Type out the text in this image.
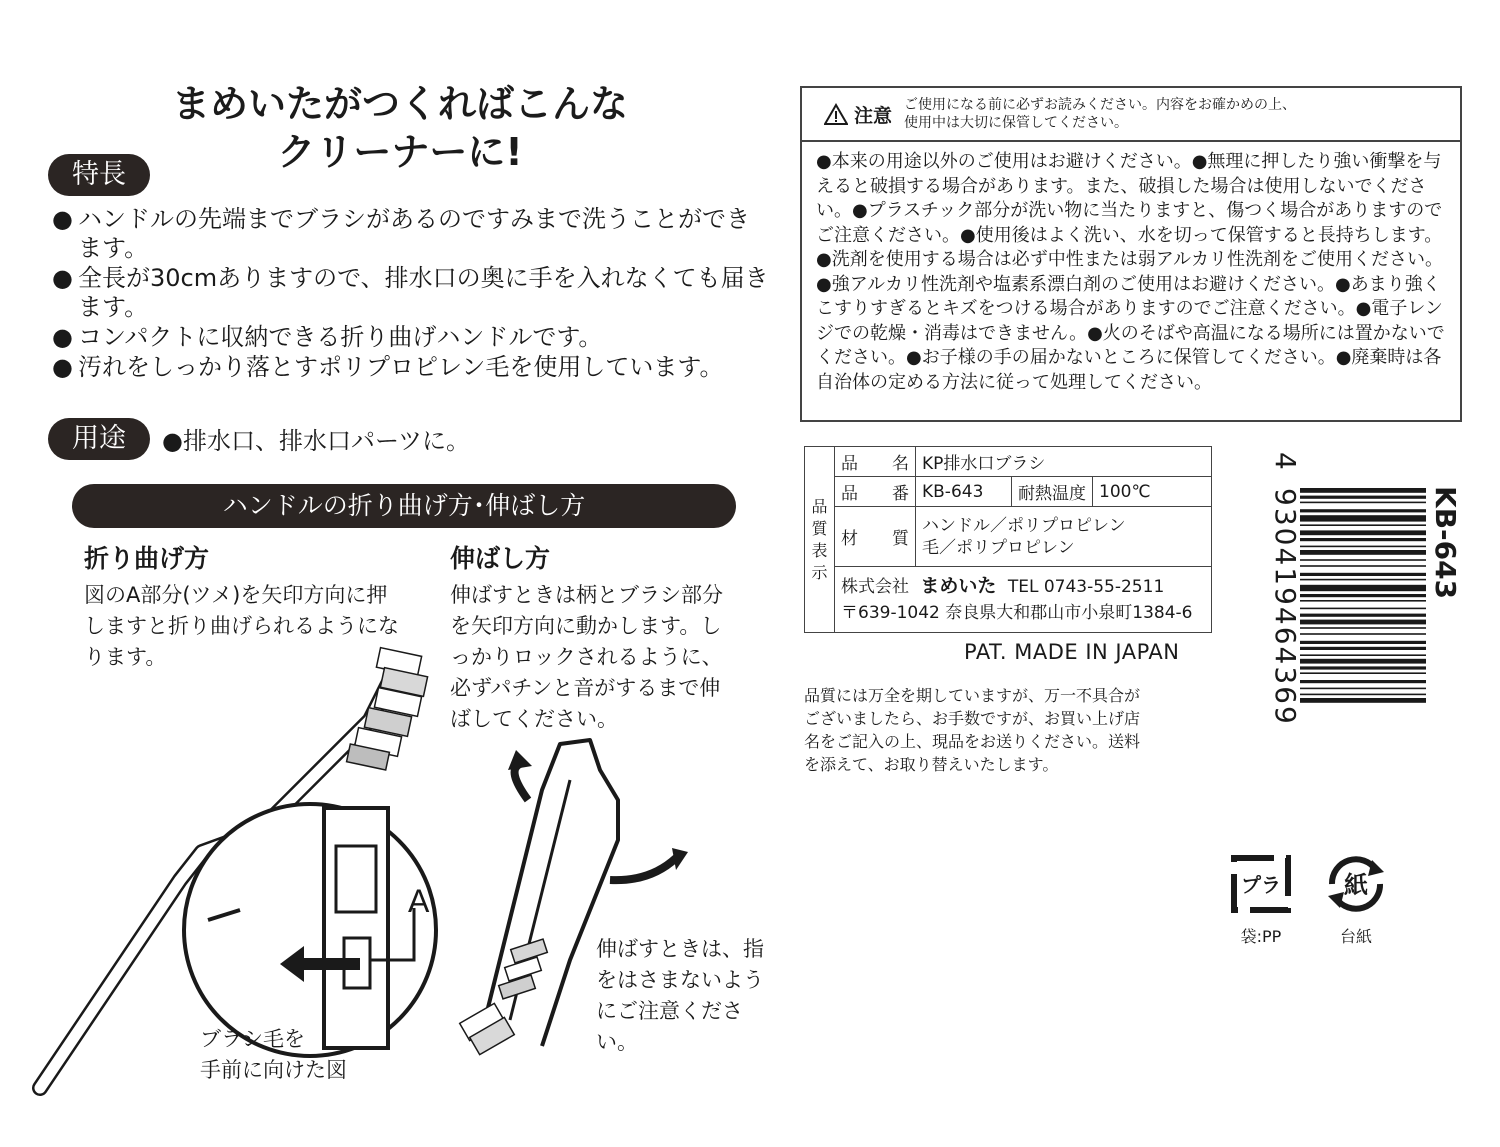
まめいたがつくればこんな
クリーナーに!
特長
● ハンドルの先端までブラシがあるのですみまで洗うことができます。
● 全長が30cmありますので、排水口の奥に手を入れなくても届きます。
● コンパクトに収納できる折り曲げハンドルです。
● 汚れをしっかり落とすポリプロピレン毛を使用しています。
用途	●排水口、排水口パーツに。
ハンドルの折り曲げ方･伸ばし方
折り曲げ方
図のA部分(ツメ)を矢印方向に押しますと折り曲げられるようになります。
伸ばし方
伸ばすときは柄とブラシ部分を矢印方向に動かします。しっかりロックされるように、必ずパチンと音がするまで伸ばしてください。
A
ブラシ毛を
手前に向けた図
伸ばすときは、指をはさまないようにご注意ください。
注意 ご使用になる前に必ずお読みください。内容をお確かめの上、
使用中は大切に保管してください。
●本来の用途以外のご使用はお避けください。●無理に押したり強い衝撃を与えると破損する場合があります。また、破損した場合は使用しないでください。●プラスチック部分が洗い物に当たりますと、傷つく場合がありますのでご注意ください。●使用後はよく洗い、水を切って保管すると長持ちします。●洗剤を使用する場合は必ず中性または弱アルカリ性洗剤をご使用ください。●強アルカリ性洗剤や塩素系漂白剤のご使用はお避けください。●あまり強くこすりすぎるとキズをつける場合がありますのでご注意ください。●電子レンジでの乾燥・消毒はできません。●火のそばや高温になる場所には置かないでください。●お子様の手の届かないところに保管してください。●廃棄時は各自治体の定める方法に従って処理してください。
品質表示	品名	KP排水口ブラシ		
	品番	KB-643	耐熱温度	100℃
	材質	ハンドル／ポリプロピレン
毛／ポリプロピレン		

	株式会社 まめいた TEL 0743-55-2511
〒639-1042 奈良県大和郡山市小泉町1384-6			
PAT. MADE IN JAPAN
品質には万全を期していますが、万一不具合がございましたら、お手数ですが、お買い上げ店名をご記入の上、現品をお送りください。送料を添えて、お取り替えいたします。
4
930419464369	KB-643
プラ
袋:PP
紙
台紙
